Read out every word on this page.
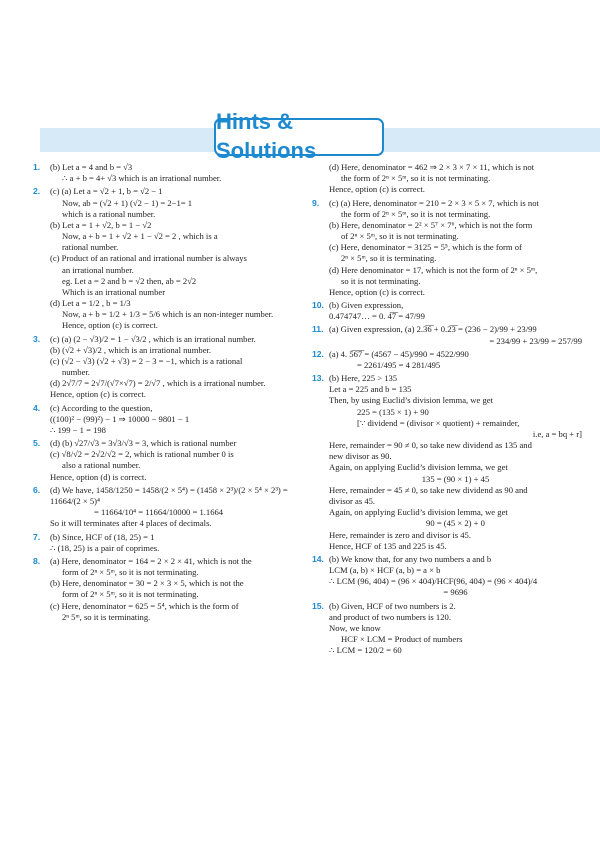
Hints & Solutions
1. (b) Let a = 4 and b = √3
∴ a + b = 4+ √3 which is an irrational number.
2. (c) (a) Let a = √2 + 1, b = √2 − 1
Now, ab = (√2 + 1) (√2 − 1) = 2−1= 1
which is a rational number.
(b) Let a = 1 + √2, b = 1 − √2
Now, a + b = 1 + √2 + 1 − √2 = 2 , which is a
rational number.
(c) Product of an rational and irrational number is always
an irrational number.
eg. Let a = 2 and b = √2 then, ab = 2√2
Which is an irrational number
(d) Let a = 1/2 , b = 1/3
Now, a + b = 1/2 + 1/3 = 5/6 which is an non-integer number.
Hence, option (c) is correct.
3. (c) (a) (2 − √3)/2 = 1 − √3/2 , which is an irrational number.
(b) (√2 + √3)/2 , which is an irrational number.
(c) (√2 − √3) (√2 + √3) = 2 − 3 = −1, which is a rational
number.
(d) 2√7/7 = 2√7/(√7×√7) = 2/√7 , which is a irrational number.
Hence, option (c) is correct.
4. (c) According to the question,
((100)² − (99)²) − 1 ⇒ 10000 − 9801 − 1
∴ 199 − 1 = 198
5. (d) (b) √27/√3 = 3√3/√3 = 3, which is rational number
(c) √8/√2 = 2√2/√2 = 2, which is rational number 0 is
also a rational number.
Hence, option (d) is correct.
6. (d) We have, 1458/1250 = 1458/(2 × 5⁴) = (1458 × 2³)/(2 × 5⁴ × 2³) = 11664/(2 × 5)⁴
= 11664/10⁴ = 11664/10000 = 1.1664
So it will terminates after 4 places of decimals.
7. (b) Since, HCF of (18, 25) = 1
∴ (18, 25) is a pair of coprimes.
8. (a) Here, denominator = 164 = 2 × 2 × 41, which is not the
form of 2ⁿ × 5ᵐ, so it is not terminating.
(b) Here, denominator = 30 = 2 × 3 × 5, which is not the
form of 2ⁿ × 5ᵐ, so it is not terminating.
(c) Here, denominator = 625 = 5⁴, which is the form of
2ⁿ 5ᵐ, so it is terminating.
(d) Here, denominator = 462 ⇒ 2 × 3 × 7 × 11, which is not
the form of 2ⁿ × 5ᵐ, so it is not terminating.
Hence, option (c) is correct.
9. (c) (a) Here, denominator = 210 = 2 × 3 × 5 × 7, which is not
the form of 2ⁿ × 5ᵐ, so it is not terminating.
(b) Here, denominator = 2² × 5⁷ × 7⁶, which is not the form
of 2ⁿ × 5ᵐ, so it is not terminating.
(c) Here, denominator = 3125 = 5⁵, which is the form of
2ⁿ × 5ᵐ, so it is terminating.
(d) Here denominator = 17, which is not the form of 2ⁿ × 5ᵐ,
so it is not terminating.
Hence, option (c) is correct.
10. (b) Given expression,
0.474747… = 0. 4̅7̅ = 47/99
11. (a) Given expression, (a) 2.3̅6̅ + 0.2̅3̅ = (236 − 2)/99 + 23/99
= 234/99 + 23/99 = 257/99
12. (a) 4. 5̅6̅7̅ = (4567 − 45)/990 = 4522/990
= 2261/495 = 4 281/495
13. (b) Here, 225 > 135
Let a = 225 and b = 135
Then, by using Euclid’s division lemma, we get
225 = (135 × 1) + 90
[∵ dividend = (divisor × quotient) + remainder,
i.e, a = bq + r]
Here, remainder = 90 ≠ 0, so take new dividend as 135 and
new divisor as 90.
Again, on applying Euclid’s division lemma, we get
135 = (90 × 1) + 45
Here, remainder = 45 ≠ 0, so take new dividend as 90 and
divisor as 45.
Again, on applying Euclid’s division lemma, we get
90 = (45 × 2) + 0
Here, remainder is zero and divisor is 45.
Hence, HCF of 135 and 225 is 45.
14. (b) We know that, for any two numbers a and b
LCM (a, b) × HCF (a, b) = a × b
∴ LCM (96, 404) = (96 × 404)/HCF(96, 404) = (96 × 404)/4
= 9696
15. (b) Given, HCF of two numbers is 2.
and product of two numbers is 120.
Now, we know
HCF × LCM = Product of numbers
∴ LCM = 120/2 = 60
